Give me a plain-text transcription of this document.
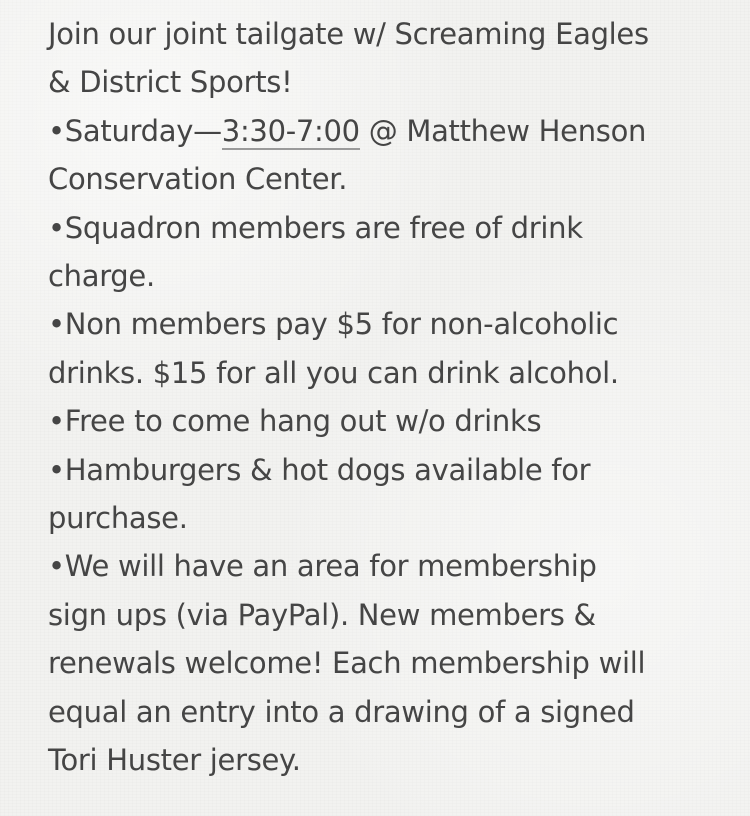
Join our joint tailgate w/ Screaming Eagles
& District Sports!
•Saturday—3:30-7:00 @ Matthew Henson
Conservation Center.
•Squadron members are free of drink
charge.
•Non members pay $5 for non-alcoholic
drinks. $15 for all you can drink alcohol.
•Free to come hang out w/o drinks
•Hamburgers & hot dogs available for
purchase.
•We will have an area for membership
sign ups (via PayPal). New members &
renewals welcome! Each membership will
equal an entry into a drawing of a signed
Tori Huster jersey.
